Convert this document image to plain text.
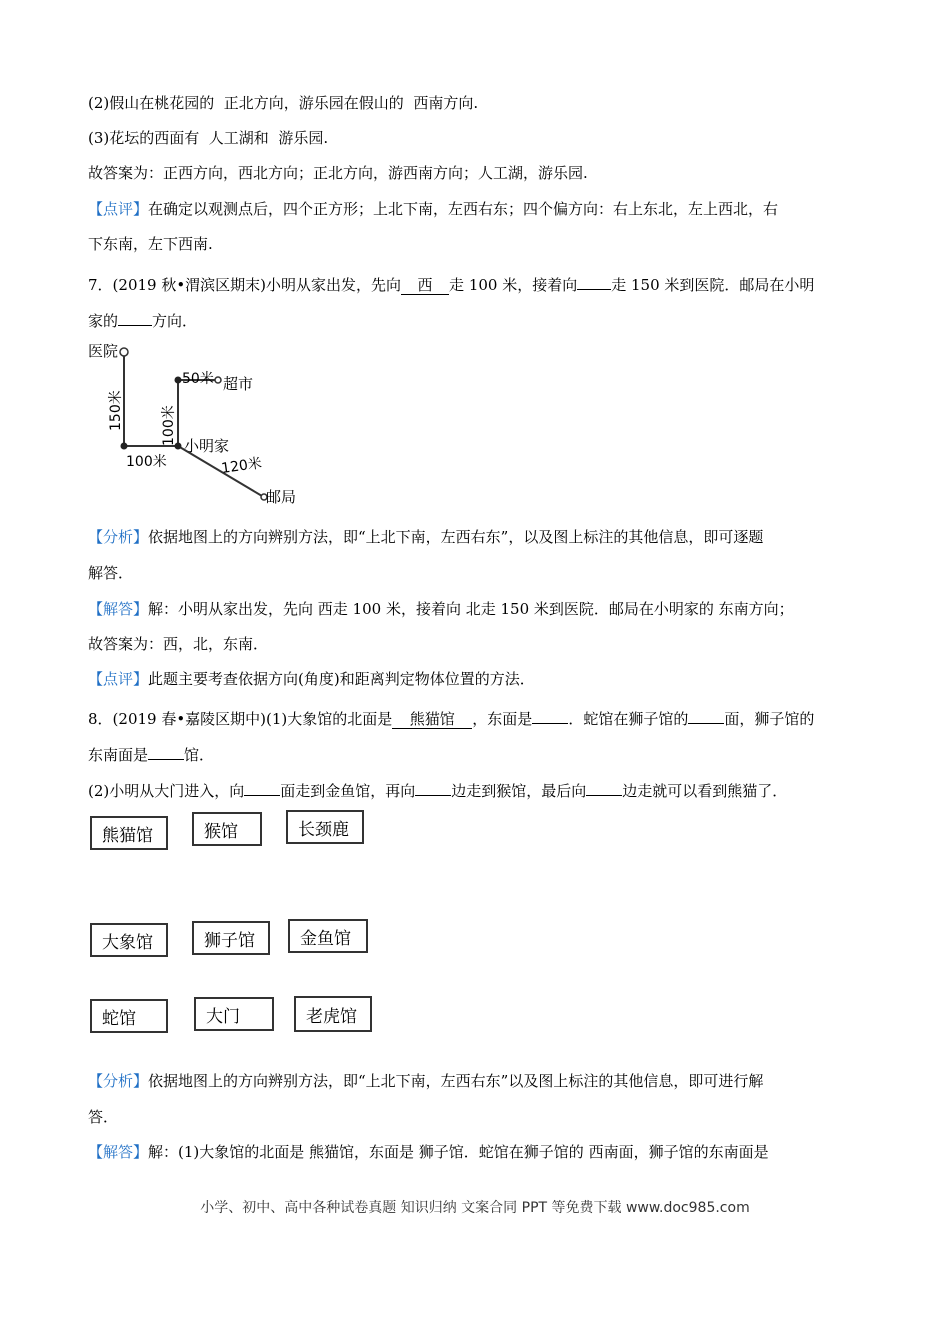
(2)假山在桃花园的 正北方向，游乐园在假山的 西南方向.
(3)花坛的西面有 人工湖和 游乐园.
故答案为：正西方向，西北方向；正北方向，游西南方向；人工湖，游乐园.
【点评】在确定以观测点后，四个正方形；上北下南，左西右东；四个偏方向：右上东北，左上西北，右
下东南，左下西南.
7．(2019 秋•渭滨区期末)小明从家出发，先向 西 走 100 米，接着向 走 150 米到医院．邮局在小明
家的 方向．
医院
超市
小明家
邮局
50米
100米	120米
150米	100米
【分析】依据地图上的方向辨别方法，即“上北下南，左西右东”，以及图上标注的其他信息，即可逐题
解答．
【解答】解：小明从家出发，先向 西走 100 米，接着向 北走 150 米到医院．邮局在小明家的 东南方向；
故答案为：西，北，东南．
【点评】此题主要考查依据方向(角度)和距离判定物体位置的方法．
8．(2019 春•嘉陵区期中)(1)大象馆的北面是 熊猫馆 ，东面是 ．蛇馆在狮子馆的 面，狮子馆的
东南面是 馆．
(2)小明从大门进入，向 面走到金鱼馆，再向 边走到猴馆，最后向 边走就可以看到熊猫了．
熊猫馆	猴馆	长颈鹿
大象馆	狮子馆	金鱼馆
蛇馆	大门	老虎馆
【分析】依据地图上的方向辨别方法，即“上北下南，左西右东”以及图上标注的其他信息，即可进行解
答．
【解答】解：(1)大象馆的北面是 熊猫馆，东面是 狮子馆．蛇馆在狮子馆的 西南面，狮子馆的东南面是
小学、初中、高中各种试卷真题 知识归纳 文案合同 PPT 等免费下载 www.doc985.com
